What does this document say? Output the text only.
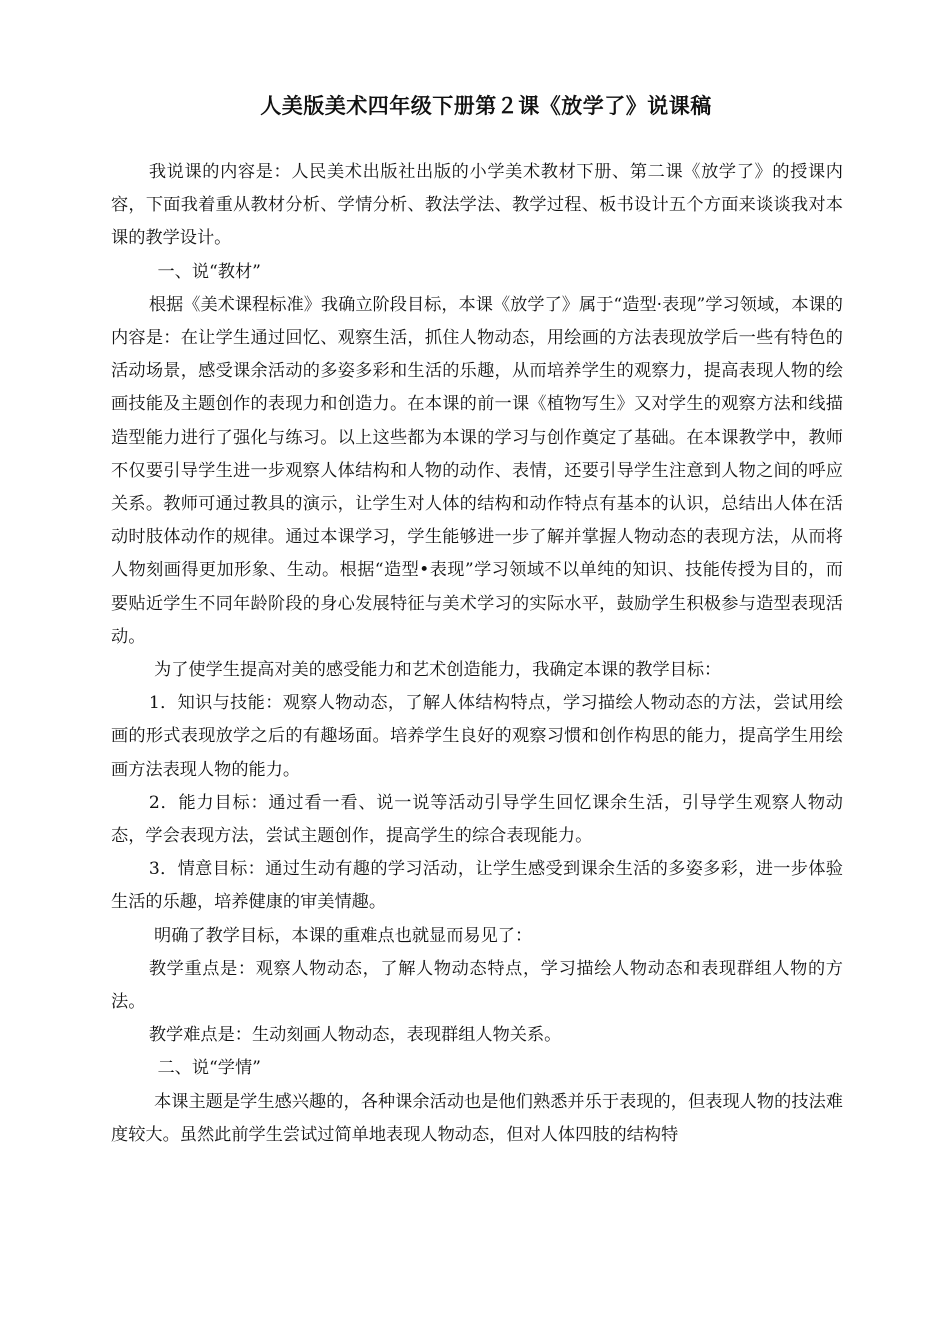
人美版美术四年级下册第２课《放学了》说课稿

我说课的内容是：人民美术出版社出版的小学美术教材下册、第二课《放学了》的授课内容，下面我着重从教材分析、学情分析、教法学法、教学过程、板书设计五个方面来谈谈我对本课的教学设计。

一、说“教材”

根据《美术课程标准》我确立阶段目标，本课《放学了》属于“造型·表现”学习领域，本课的内容是：在让学生通过回忆、观察生活，抓住人物动态，用绘画的方法表现放学后一些有特色的活动场景，感受课余活动的多姿多彩和生活的乐趣，从而培养学生的观察力，提高表现人物的绘画技能及主题创作的表现力和创造力。在本课的前一课《植物写生》又对学生的观察方法和线描造型能力进行了强化与练习。以上这些都为本课的学习与创作奠定了基础。在本课教学中，教师不仅要引导学生进一步观察人体结构和人物的动作、表情，还要引导学生注意到人物之间的呼应关系。教师可通过教具的演示，让学生对人体的结构和动作特点有基本的认识，总结出人体在活动时肢体动作的规律。通过本课学习，学生能够进一步了解并掌握人物动态的表现方法，从而将人物刻画得更加形象、生动。根据“造型•表现”学习领域不以单纯的知识、技能传授为目的，而要贴近学生不同年龄阶段的身心发展特征与美术学习的实际水平，鼓励学生积极参与造型表现活动。

为了使学生提高对美的感受能力和艺术创造能力，我确定本课的教学目标：

1．知识与技能：观察人物动态，了解人体结构特点，学习描绘人物动态的方法，尝试用绘画的形式表现放学之后的有趣场面。培养学生良好的观察习惯和创作构思的能力，提高学生用绘画方法表现人物的能力。

2．能力目标：通过看一看、说一说等活动引导学生回忆课余生活，引导学生观察人物动态，学会表现方法，尝试主题创作，提高学生的综合表现能力。

3．情意目标：通过生动有趣的学习活动，让学生感受到课余生活的多姿多彩，进一步体验生活的乐趣，培养健康的审美情趣。

明确了教学目标，本课的重难点也就显而易见了：

教学重点是：观察人物动态，了解人物动态特点，学习描绘人物动态和表现群组人物的方法。

教学难点是：生动刻画人物动态，表现群组人物关系。

二、说“学情”

本课主题是学生感兴趣的，各种课余活动也是他们熟悉并乐于表现的，但表现人物的技法难度较大。虽然此前学生尝试过简单地表现人物动态，但对人体四肢的结构特
